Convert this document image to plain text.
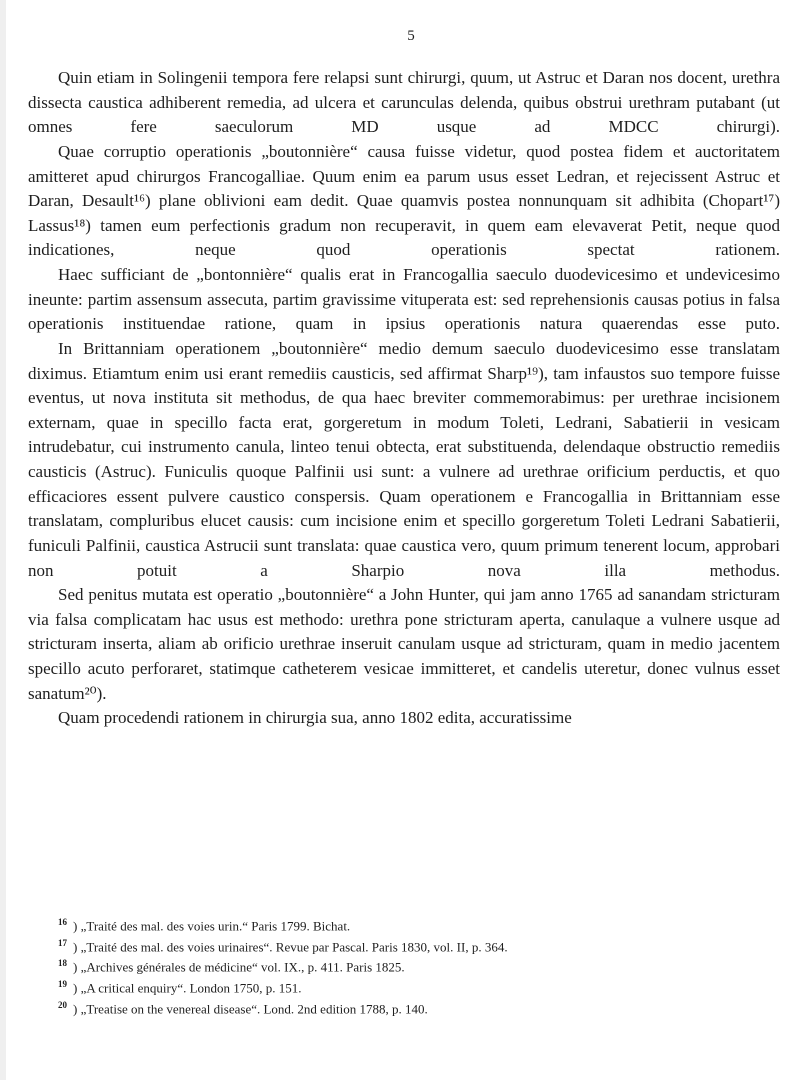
5

Quin etiam in Solingenii tempora fere relapsi sunt chirurgi, quum, ut Astruc et Daran nos docent, urethra dissecta caustica adhiberent remedia, ad ulcera et carunculas delenda, quibus obstrui urethram putabant (ut omnes fere saeculorum MD usque ad MDCC chirurgi).

Quae corruptio operationis „boutonnière“ causa fuisse videtur, quod postea fidem et auctoritatem amitteret apud chirurgos Francogalliae. Quum enim ea parum usus esset Ledran, et rejecissent Astruc et Daran, Desault¹⁶) plane oblivioni eam dedit. Quae quamvis postea nonnunquam sit adhibita (Chopart¹⁷) Lassus¹⁸) tamen eum perfectionis gradum non recuperavit, in quem eam elevaverat Petit, neque quod indicationes, neque quod operationis spectat rationem.

Haec sufficiant de „bontonnière“ qualis erat in Francogallia saeculo duodevicesimo et undevicesimo ineunte: partim assensum assecuta, partim gravissime vituperata est: sed reprehensionis causas potius in falsa operationis instituendae ratione, quam in ipsius operationis natura quaerendas esse puto.

In Brittanniam operationem „boutonnière“ medio demum saeculo duodevicesimo esse translatam diximus. Etiamtum enim usi erant remediis causticis, sed affirmat Sharp¹⁹), tam infaustos suo tempore fuisse eventus, ut nova instituta sit methodus, de qua haec breviter commemorabimus: per urethrae incisionem externam, quae in specillo facta erat, gorgeretum in modum Toleti, Ledrani, Sabatierii in vesicam intrudebatur, cui instrumento canula, linteo tenui obtecta, erat substituenda, delendaque obstructio remediis causticis (Astruc). Funiculis quoque Palfinii usi sunt: a vulnere ad urethrae orificium perductis, et quo efficaciores essent pulvere caustico conspersis. Quam operationem e Francogallia in Brittanniam esse translatam, compluribus elucet causis: cum incisione enim et specillo gorgeretum Toleti Ledrani Sabatierii, funiculi Palfinii, caustica Astrucii sunt translata: quae caustica vero, quum primum tenerent locum, approbari non potuit a Sharpio nova illa methodus.

Sed penitus mutata est operatio „boutonnière“ a John Hunter, qui jam anno 1765 ad sanandam stricturam via falsa complicatam hac usus est methodo: urethra pone stricturam aperta, canulaque a vulnere usque ad stricturam inserta, aliam ab orificio urethrae inseruit canulam usque ad stricturam, quam in medio jacentem specillo acuto perforaret, statimque catheterem vesicae immitteret, et candelis uteretur, donec vulnus esset sanatum²⁰).

Quam procedendi rationem in chirurgia sua, anno 1802 edita, accuratissime

$^{16}$ ) „Traité des mal. des voies urin.“ Paris 1799. Bichat.
$^{17}$ ) „Traité des mal. des voies urinaires“. Revue par Pascal. Paris 1830, vol. II, p. 364.
$^{18}$ ) „Archives générales de médicine“ vol. IX., p. 411. Paris 1825.
$^{19}$ ) „A critical enquiry“. London 1750, p. 151.
$^{20}$ ) „Treatise on the venereal disease“. Lond. 2nd edition 1788, p. 140.
